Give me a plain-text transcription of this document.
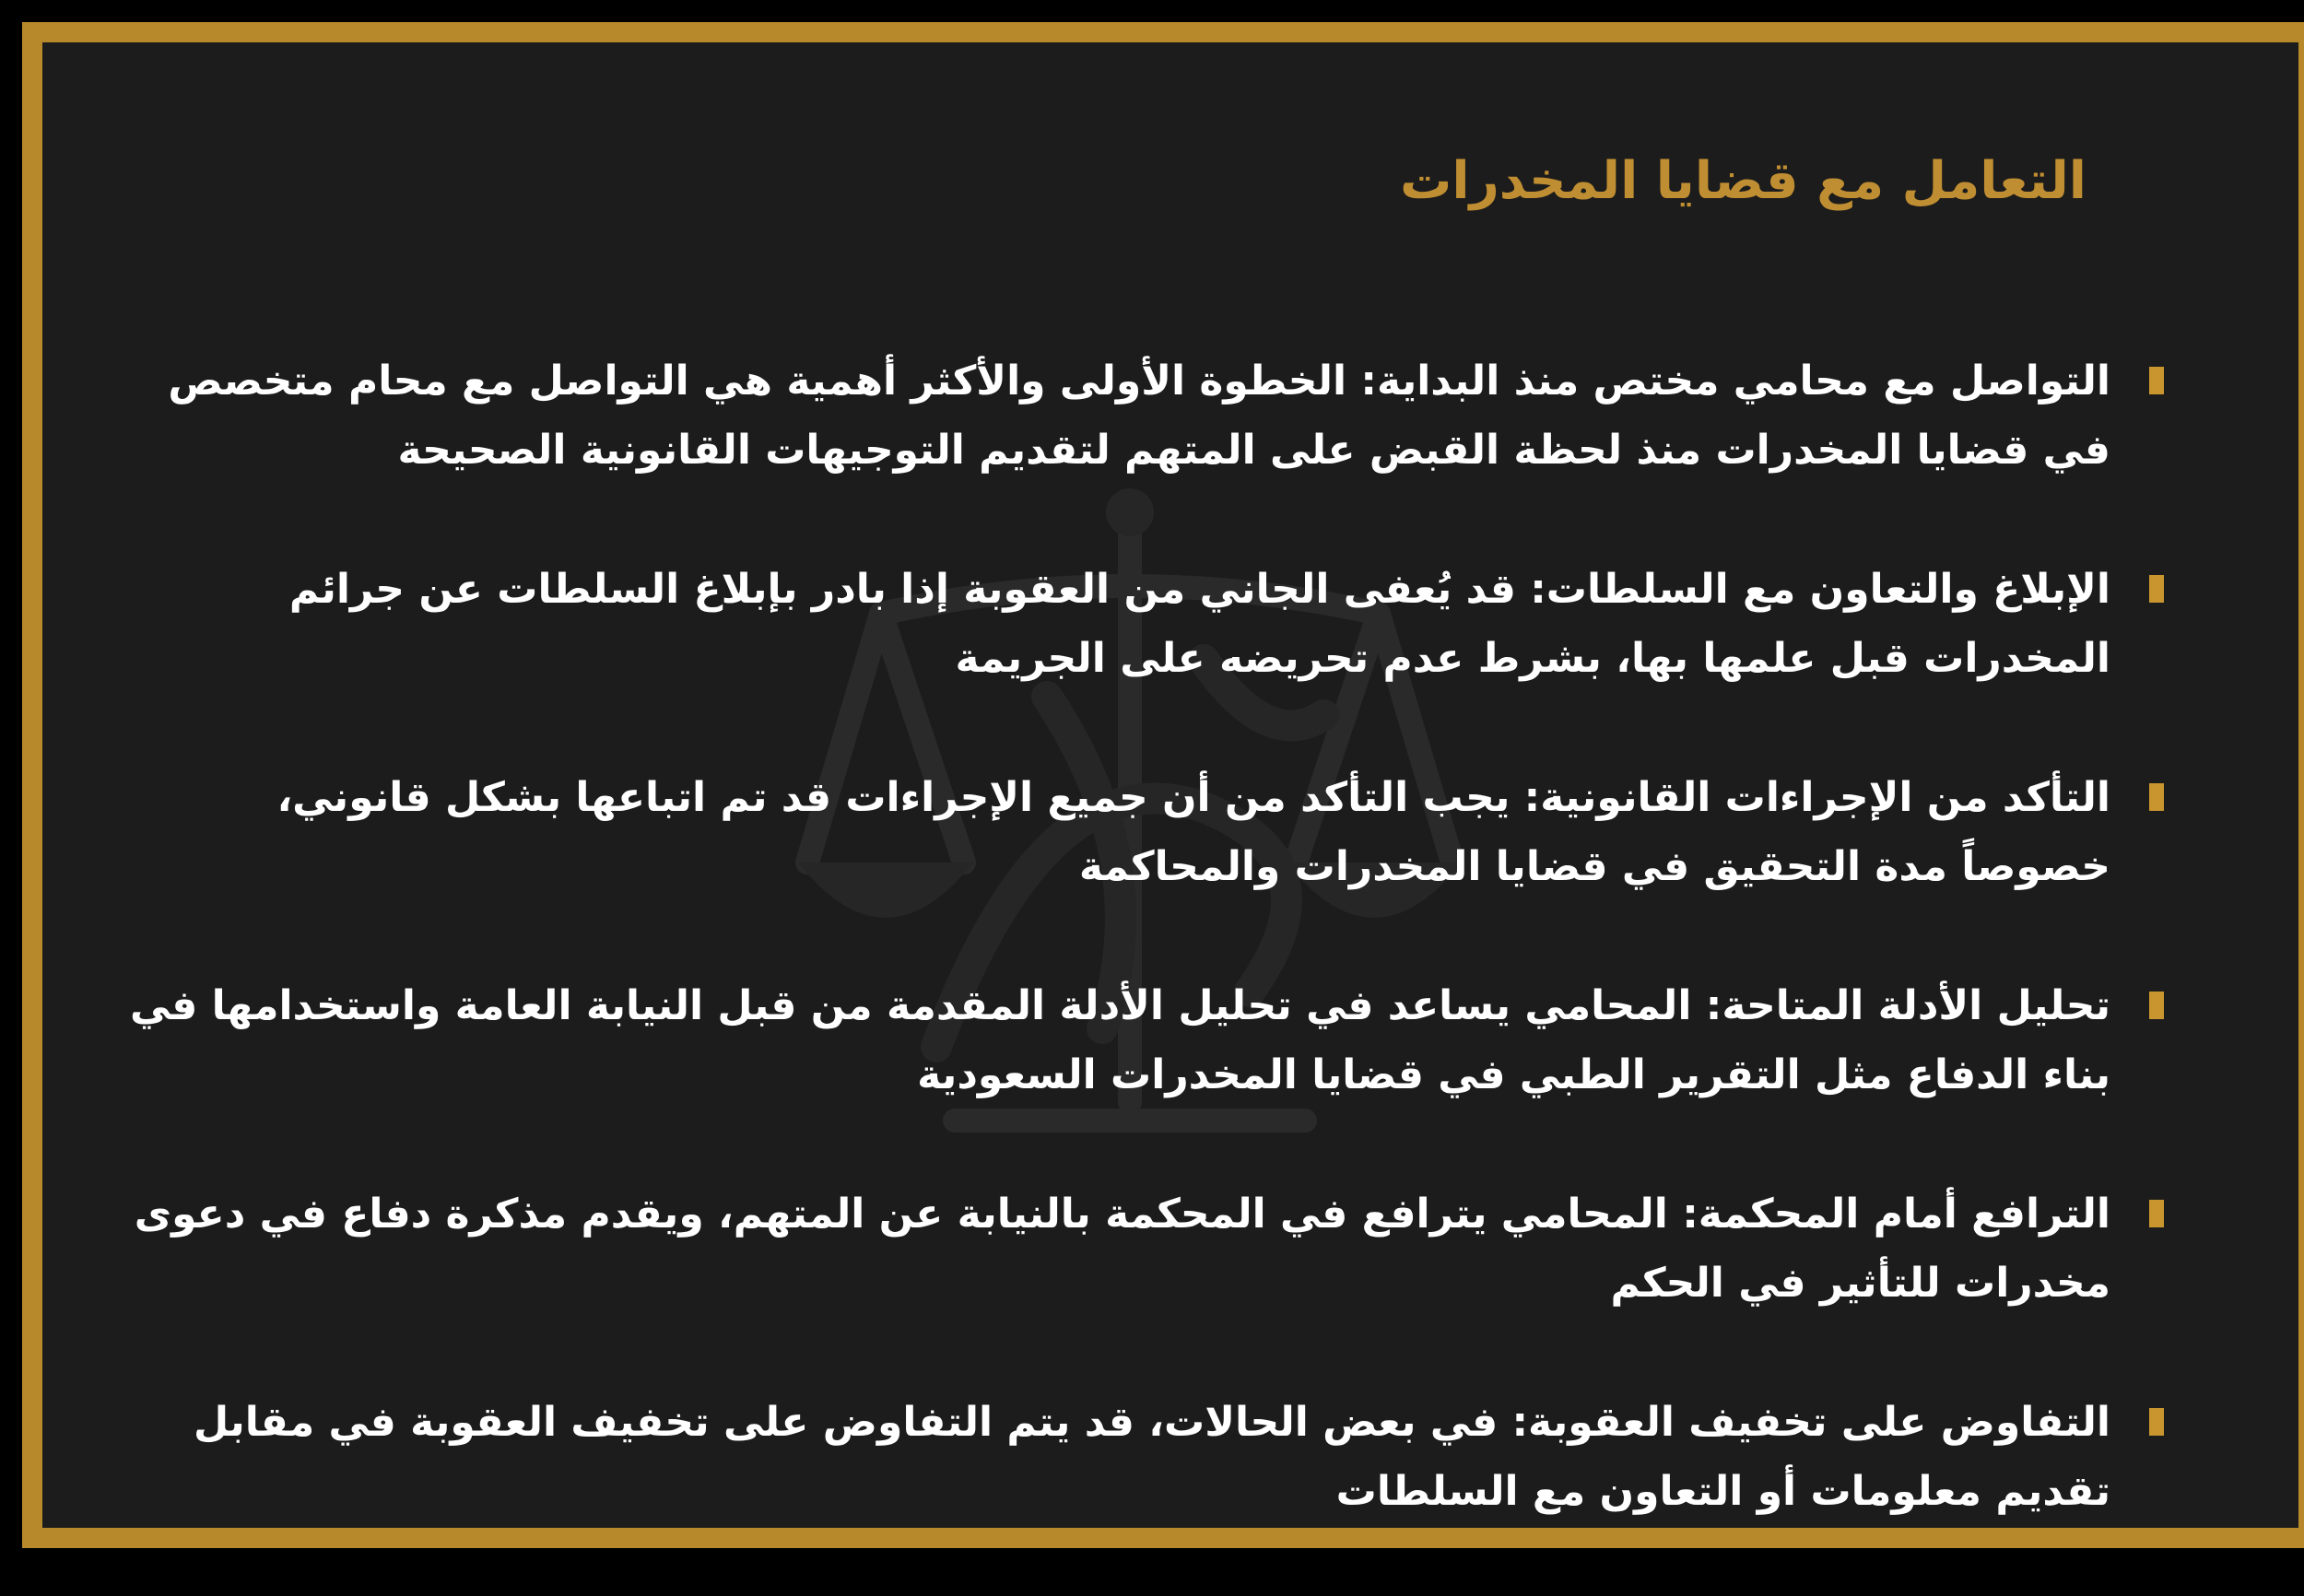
التعامل مع قضايا المخدرات
التواصل مع محامي مختص منذ البداية: الخطوة الأولى والأكثر أهمية هي التواصل مع محام متخصص في قضايا المخدرات منذ لحظة القبض على المتهم لتقديم التوجيهات القانونية الصحيحة
الإبلاغ والتعاون مع السلطات: قد يُعفى الجاني من العقوبة إذا بادر بإبلاغ السلطات عن جرائم المخدرات قبل علمها بها، بشرط عدم تحريضه على الجريمة
التأكد من الإجراءات القانونية: يجب التأكد من أن جميع الإجراءات قد تم اتباعها بشكل قانوني، خصوصاً مدة التحقيق في قضايا المخدرات والمحاكمة
تحليل الأدلة المتاحة: المحامي يساعد في تحليل الأدلة المقدمة من قبل النيابة العامة واستخدامها في بناء الدفاع مثل التقرير الطبي في قضايا المخدرات السعودية
الترافع أمام المحكمة: المحامي يترافع في المحكمة بالنيابة عن المتهم، ويقدم مذكرة دفاع في دعوى مخدرات للتأثير في الحكم
التفاوض على تخفيف العقوبة: في بعض الحالات، قد يتم التفاوض على تخفيف العقوبة في مقابل تقديم معلومات أو التعاون مع السلطات
